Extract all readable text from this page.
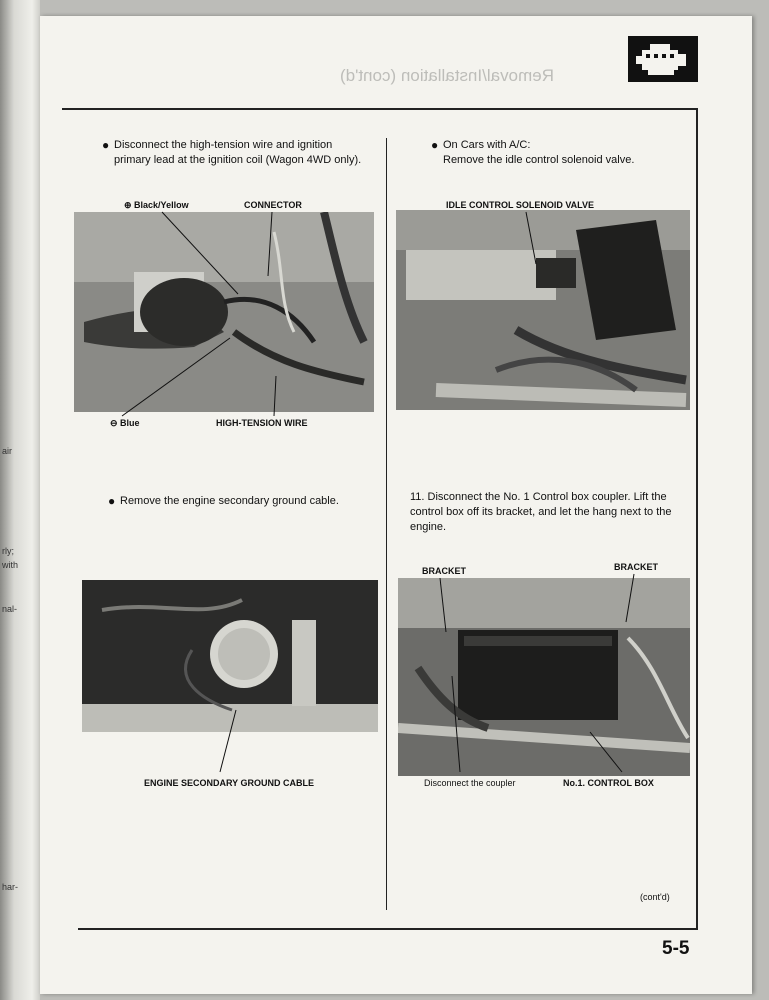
air
rly;
with
nal-
har-
Removal/Installation (cont'd)
● Disconnect the high-tension wire and ignition primary lead at the ignition coil (Wagon 4WD only).
⊕ Black/Yellow	CONNECTOR
⊖ Blue	HIGH-TENSION WIRE
● Remove the engine secondary ground cable.
ENGINE SECONDARY GROUND CABLE
● On Cars with A/C:
Remove the idle control solenoid valve.
IDLE CONTROL SOLENOID VALVE
11. Disconnect the No. 1 Control box coupler. Lift the control box off its bracket, and let the hang next to the engine.
BRACKET	BRACKET
Disconnect the coupler	No.1. CONTROL BOX
(cont'd)
5-5
